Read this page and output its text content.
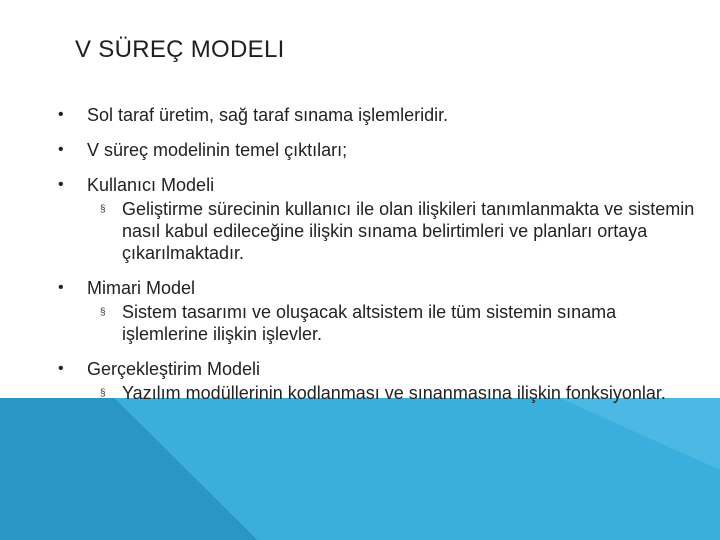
V SÜREÇ MODELI
• Sol taraf üretim, sağ taraf sınama işlemleridir.
• V süreç modelinin temel çıktıları;
• Kullanıcı Modeli
§ Geliştirme sürecinin kullanıcı ile olan ilişkileri tanımlanmakta ve sistemin nasıl kabul edileceğine ilişkin sınama belirtimleri ve planları ortaya çıkarılmaktadır.
• Mimari Model
§ Sistem tasarımı ve oluşacak altsistem ile tüm sistemin sınama işlemlerine ilişkin işlevler.
• Gerçekleştirim Modeli
§ Yazılım modüllerinin kodlanması ve sınanmasına ilişkin fonksiyonlar.
